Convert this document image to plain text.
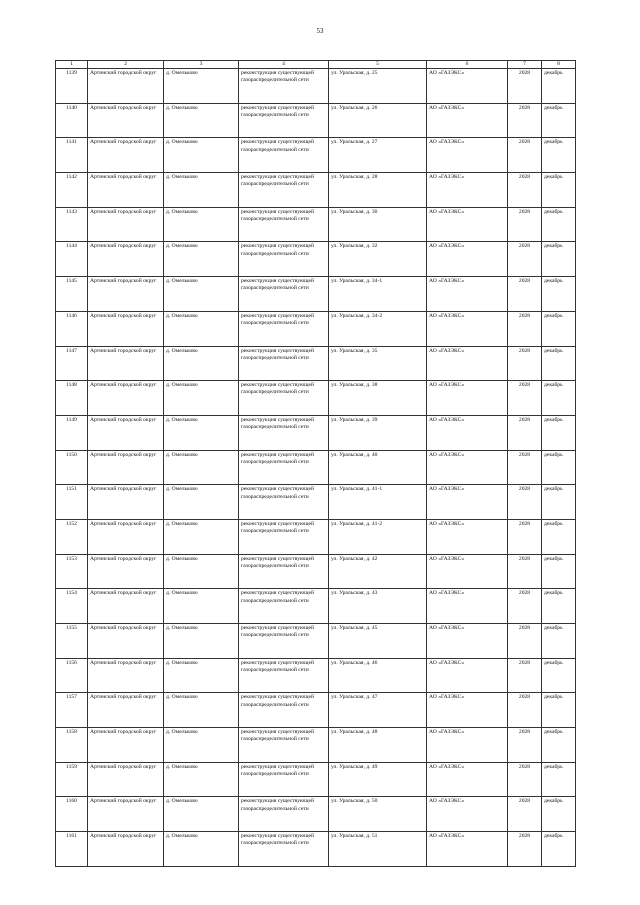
53
1	2	3	4	5	6	7	8
1139	Артинский городской округ	д. Омельково	реконструкция существующей газораспределительной сети	ул. Уральская, д. 25	АО «ГАЗЭКС»	2028	декабрь
1140	Артинский городской округ	д. Омельково	реконструкция существующей газораспределительной сети	ул. Уральская, д. 26	АО «ГАЗЭКС»	2028	декабрь
1141	Артинский городской округ	д. Омельково	реконструкция существующей газораспределительной сети	ул. Уральская, д. 27	АО «ГАЗЭКС»	2028	декабрь
1142	Артинский городской округ	д. Омельково	реконструкция существующей газораспределительной сети	ул. Уральская, д. 28	АО «ГАЗЭКС»	2028	декабрь
1143	Артинский городской округ	д. Омельково	реконструкция существующей газораспределительной сети	ул. Уральская, д. 30	АО «ГАЗЭКС»	2028	декабрь
1144	Артинский городской округ	д. Омельково	реконструкция существующей газораспределительной сети	ул. Уральская, д. 32	АО «ГАЗЭКС»	2028	декабрь
1145	Артинский городской округ	д. Омельково	реконструкция существующей газораспределительной сети	ул. Уральская, д. 34-1	АО «ГАЗЭКС»	2028	декабрь
1146	Артинский городской округ	д. Омельково	реконструкция существующей газораспределительной сети	ул. Уральская, д. 34-2	АО «ГАЗЭКС»	2028	декабрь
1147	Артинский городской округ	д. Омельково	реконструкция существующей газораспределительной сети	ул. Уральская, д. 35	АО «ГАЗЭКС»	2028	декабрь
1148	Артинский городской округ	д. Омельково	реконструкция существующей газораспределительной сети	ул. Уральская, д. 38	АО «ГАЗЭКС»	2028	декабрь
1149	Артинский городской округ	д. Омельково	реконструкция существующей газораспределительной сети	ул. Уральская, д. 39	АО «ГАЗЭКС»	2028	декабрь
1150	Артинский городской округ	д. Омельково	реконструкция существующей газораспределительной сети	ул. Уральская, д. 40	АО «ГАЗЭКС»	2028	декабрь
1151	Артинский городской округ	д. Омельково	реконструкция существующей газораспределительной сети	ул. Уральская, д. 41-1	АО «ГАЗЭКС»	2028	декабрь
1152	Артинский городской округ	д. Омельково	реконструкция существующей газораспределительной сети	ул. Уральская, д. 41-2	АО «ГАЗЭКС»	2028	декабрь
1153	Артинский городской округ	д. Омельково	реконструкция существующей газораспределительной сети	ул. Уральская, д. 42	АО «ГАЗЭКС»	2028	декабрь
1154	Артинский городской округ	д. Омельково	реконструкция существующей газораспределительной сети	ул. Уральская, д. 43	АО «ГАЗЭКС»	2028	декабрь
1155	Артинский городской округ	д. Омельково	реконструкция существующей газораспределительной сети	ул. Уральская, д. 45	АО «ГАЗЭКС»	2028	декабрь
1156	Артинский городской округ	д. Омельково	реконструкция существующей газораспределительной сети	ул. Уральская, д. 46	АО «ГАЗЭКС»	2028	декабрь
1157	Артинский городской округ	д. Омельково	реконструкция существующей газораспределительной сети	ул. Уральская, д. 47	АО «ГАЗЭКС»	2028	декабрь
1158	Артинский городской округ	д. Омельково	реконструкция существующей газораспределительной сети	ул. Уральская, д. 48	АО «ГАЗЭКС»	2028	декабрь
1159	Артинский городской округ	д. Омельково	реконструкция существующей газораспределительной сети	ул. Уральская, д. 49	АО «ГАЗЭКС»	2028	декабрь
1160	Артинский городской округ	д. Омельково	реконструкция существующей газораспределительной сети	ул. Уральская, д. 50	АО «ГАЗЭКС»	2028	декабрь
1161	Артинский городской округ	д. Омельково	реконструкция существующей газораспределительной сети	ул. Уральская, д. 51	АО «ГАЗЭКС»	2028	декабрь
